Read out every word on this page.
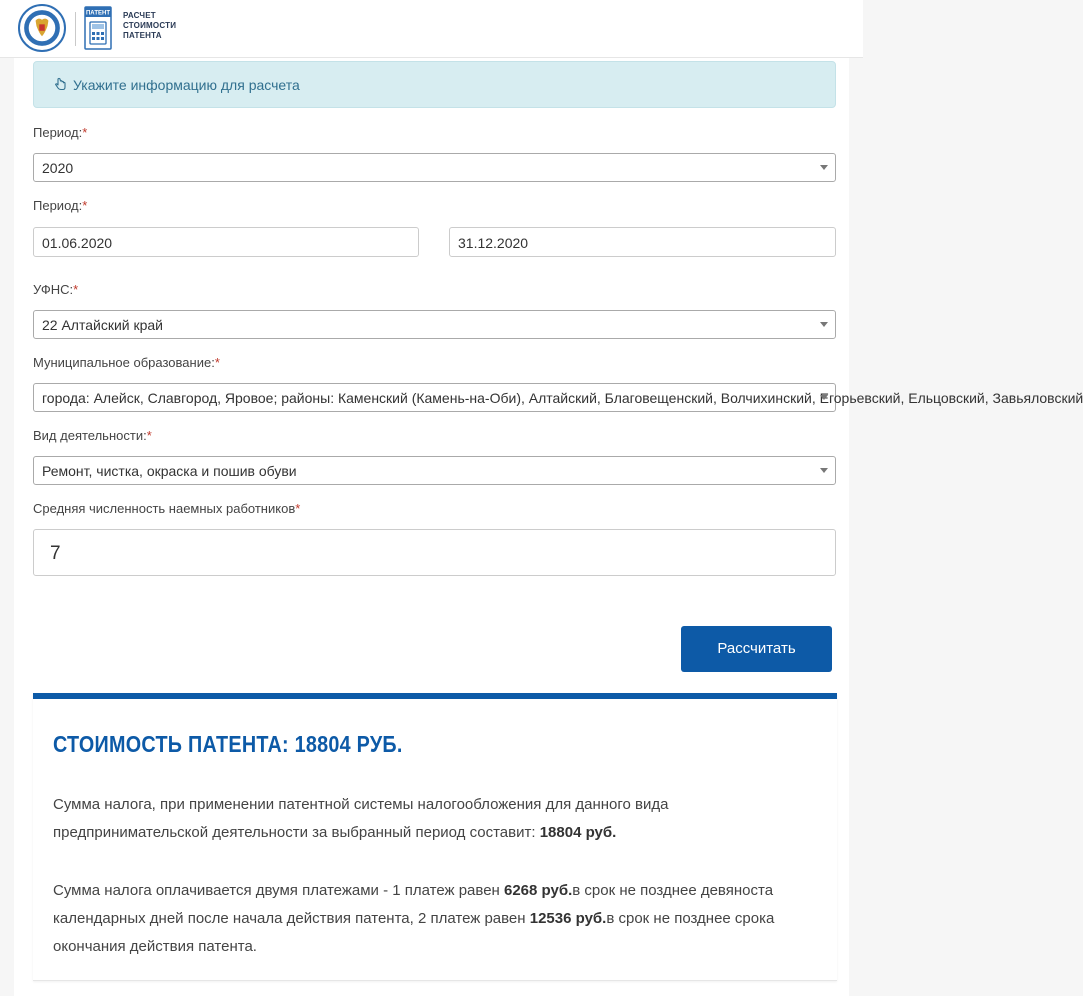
ПАТЕНТ РАСЧЕТ
СТОИМОСТИ
ПАТЕНТА
Укажите информацию для расчета
Период:*
2020
Период:*
01.06.2020	31.12.2020
УФНС:*
22 Алтайский край
Муниципальное образование:*
города: Алейск, Славгород, Яровое; районы: Каменский (Камень-на-Оби), Алтайский, Благовещенский, Волчихинский, Егорьевский, Ельцовский, Завьяловский
Вид деятельности:*
Ремонт, чистка, окраска и пошив обуви
Средняя численность наемных работников*
7
Рассчитать
СТОИМОСТЬ ПАТЕНТА: 18804 РУБ.

Сумма налога, при применении патентной системы налогообложения для данного вида предпринимательской деятельности за выбранный период составит: 18804 руб.

Сумма налога оплачивается двумя платежами - 1 платеж равен 6268 руб.в срок не позднее девяноста календарных дней после начала действия патента, 2 платеж равен 12536 руб.в срок не позднее срока окончания действия патента.
